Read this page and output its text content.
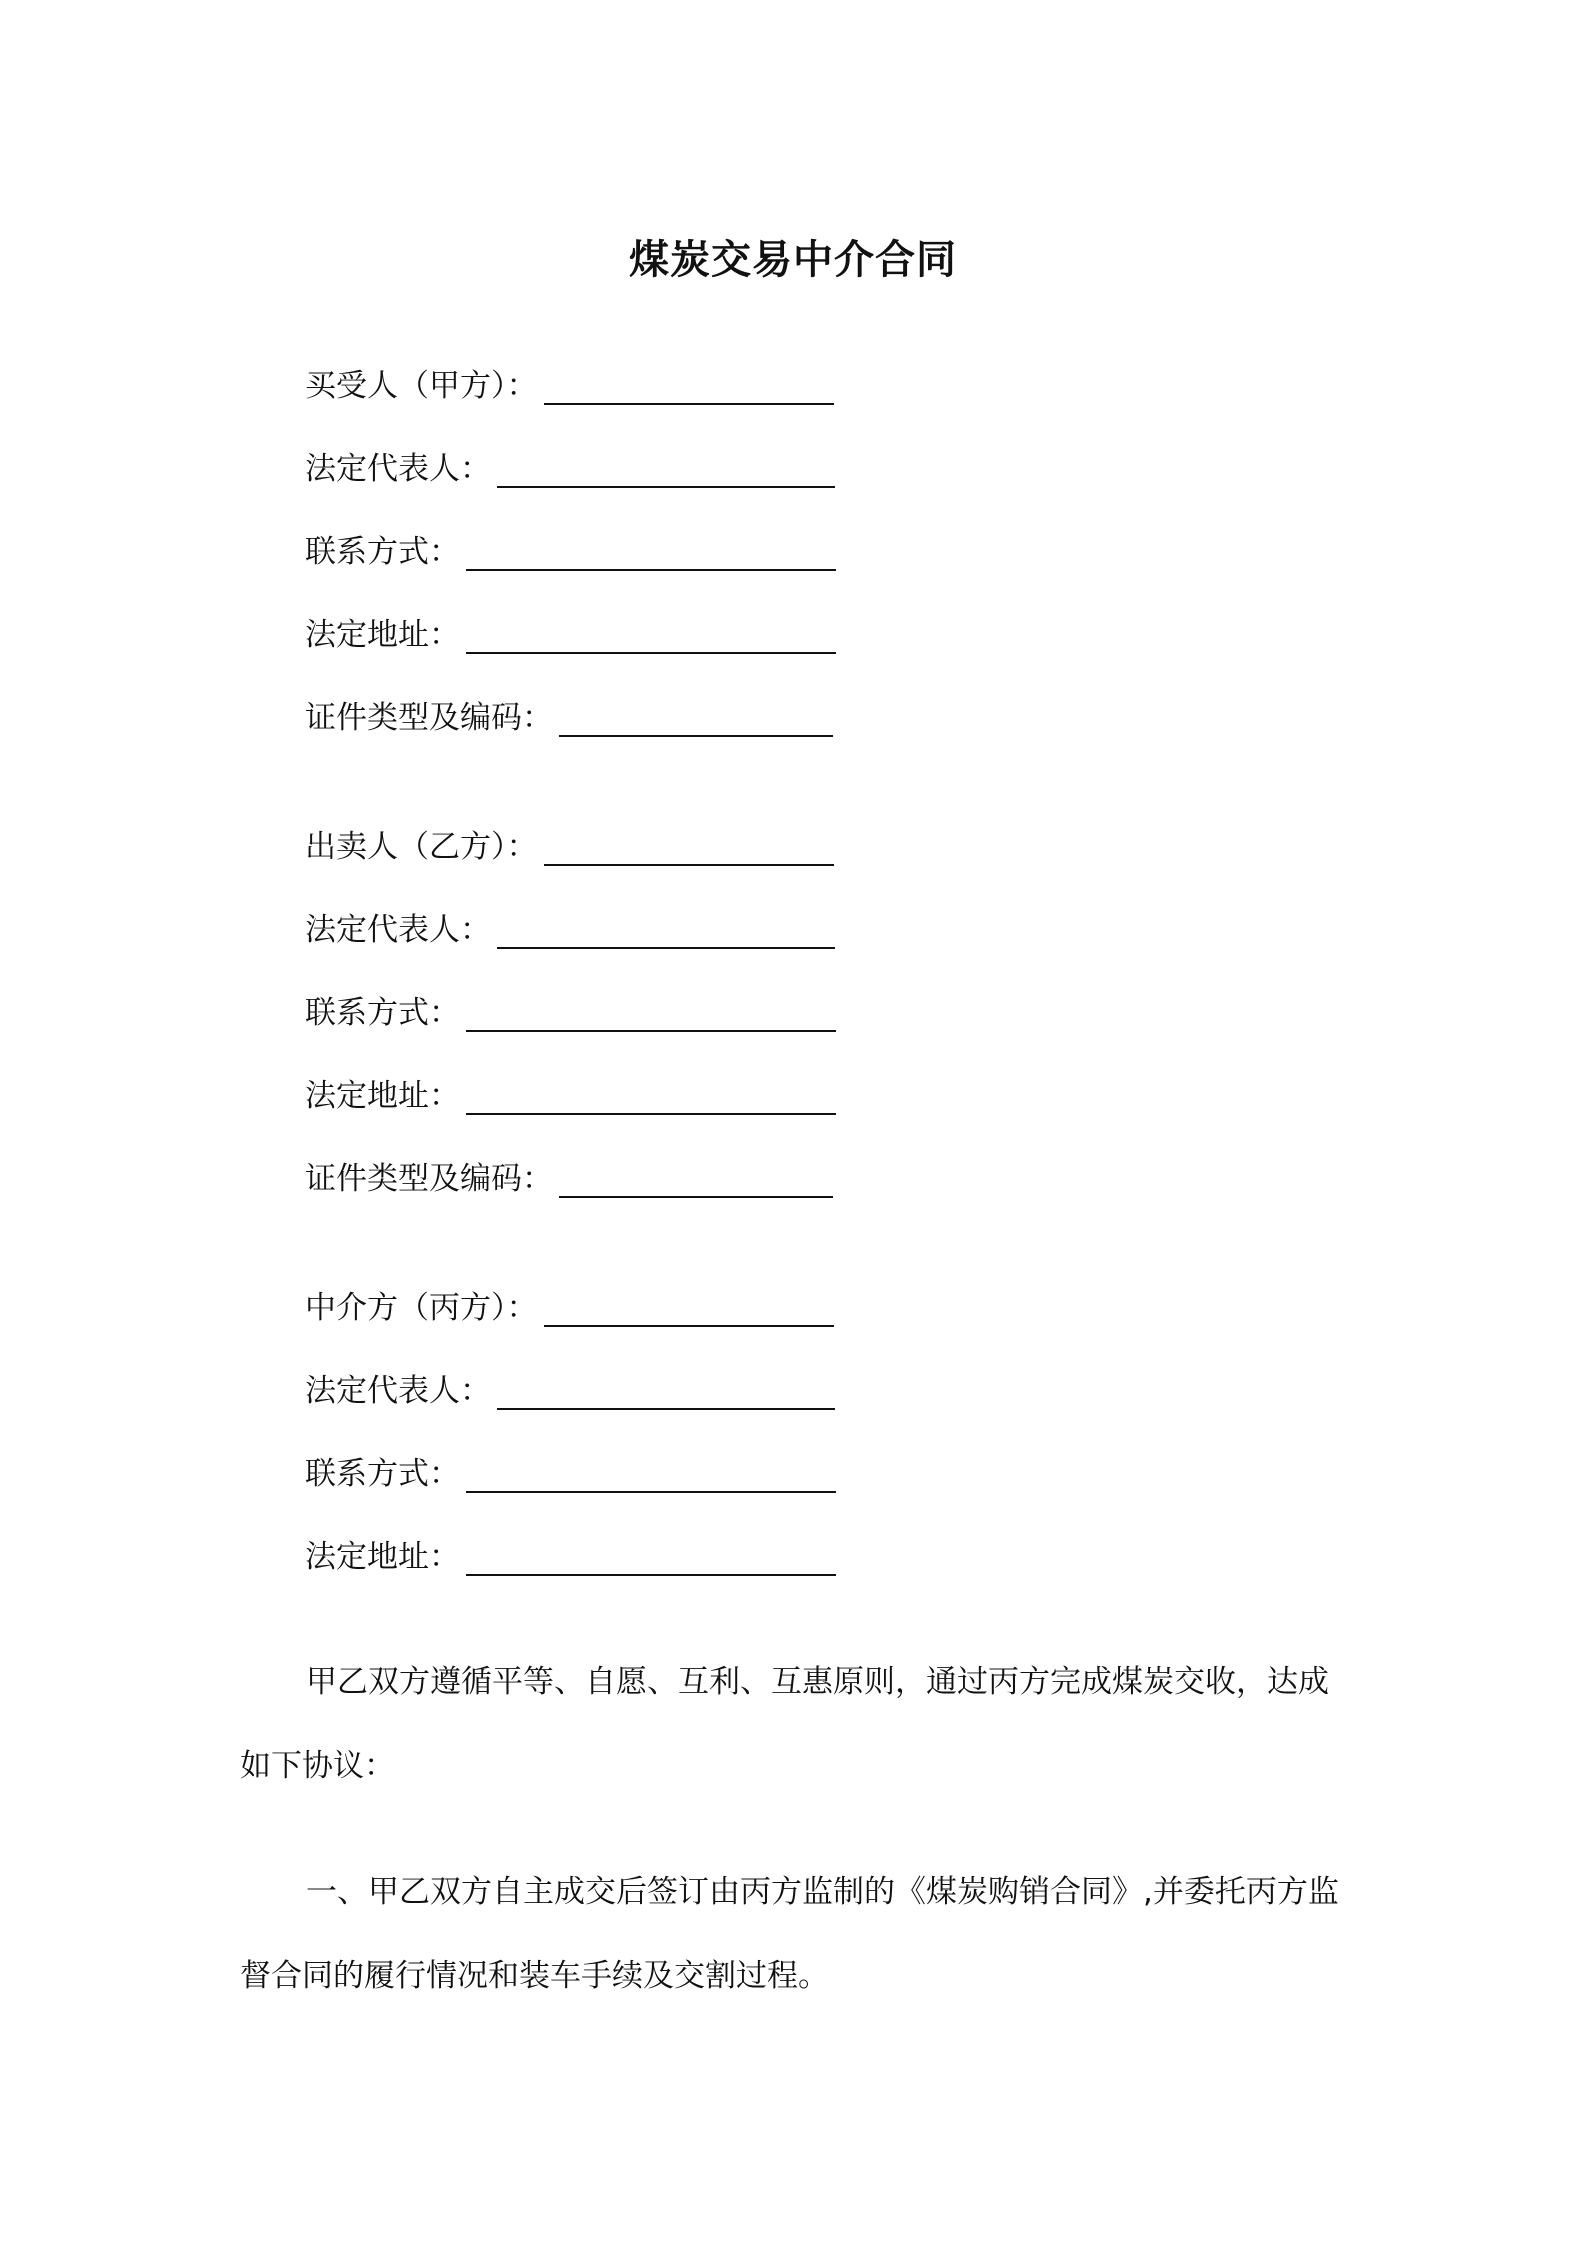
煤炭交易中介合同
买受人（甲方）：
法定代表人：
联系方式：
法定地址：
证件类型及编码：
出卖人（乙方）：
法定代表人：
联系方式：
法定地址：
证件类型及编码：
中介方（丙方）：
法定代表人：
联系方式：
法定地址：

甲乙双方遵循平等、自愿、互利、互惠原则，通过丙方完成煤炭交收，达成如下协议：

一、甲乙双方自主成交后签订由丙方监制的《煤炭购销合同》,并委托丙方监督合同的履行情况和装车手续及交割过程。
